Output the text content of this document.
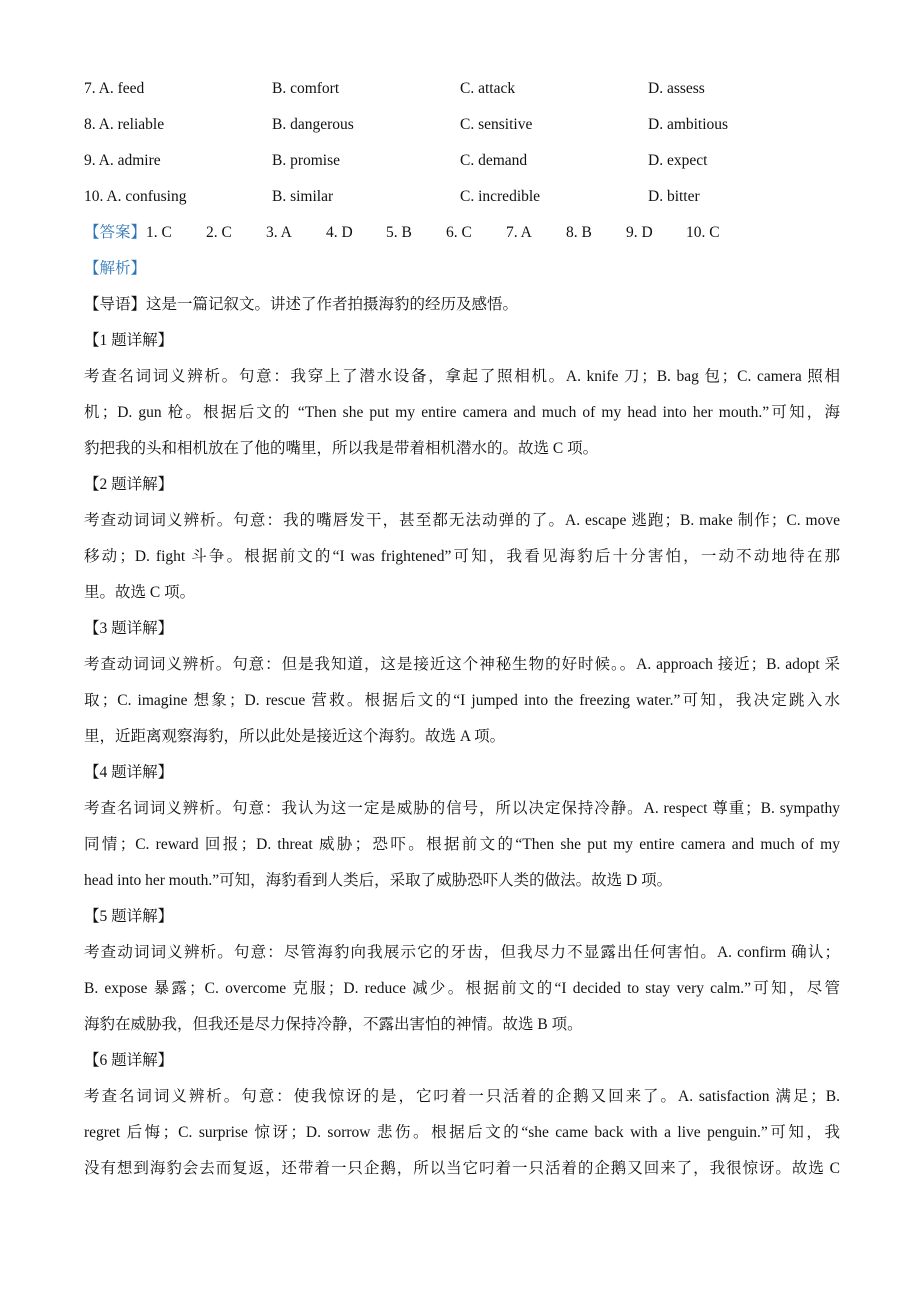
7. A. feed	B. comfort	C. attack	D. assess
8. A. reliable	B. dangerous	C. sensitive	D. ambitious
9. A. admire	B. promise	C. demand	D. expect
10. A. confusing	B. similar	C. incredible	D. bitter
【答案】1. C 2. C 3. A 4. D 5. B 6. C 7. A 8. B 9. D 10. C
【解析】
【导语】这是一篇记叙文。讲述了作者拍摄海豹的经历及感悟。
【1 题详解】
考查名词词义辨析。句意：我穿上了潜水设备，拿起了照相机。A. knife 刀；B. bag 包；C. camera 照相
机；D. gun 枪。根据后文的 “Then she put my entire camera and much of my head into her mouth.”可知，海
豹把我的头和相机放在了他的嘴里，所以我是带着相机潜水的。故选 C 项。
【2 题详解】
考查动词词义辨析。句意：我的嘴唇发干，甚至都无法动弹的了。A. escape 逃跑；B. make 制作；C. move
移动；D. fight 斗争。根据前文的“I was frightened”可知，我看见海豹后十分害怕，一动不动地待在那
里。故选 C 项。
【3 题详解】
考查动词词义辨析。句意：但是我知道，这是接近这个神秘生物的好时候。。A. approach 接近；B. adopt 采
取；C. imagine 想象；D. rescue 营救。根据后文的“I jumped into the freezing water.”可知，我决定跳入水
里，近距离观察海豹，所以此处是接近这个海豹。故选 A 项。
【4 题详解】
考查名词词义辨析。句意：我认为这一定是威胁的信号，所以决定保持冷静。A. respect 尊重；B. sympathy
同情；C. reward 回报；D. threat 威胁；恐吓。根据前文的“Then she put my entire camera and much of my
head into her mouth.”可知，海豹看到人类后，采取了威胁恐吓人类的做法。故选 D 项。
【5 题详解】
考查动词词义辨析。句意：尽管海豹向我展示它的牙齿，但我尽力不显露出任何害怕。A. confirm 确认；
B. expose 暴露；C. overcome 克服；D. reduce 减少。根据前文的“I decided to stay very calm.”可知，尽管
海豹在威胁我，但我还是尽力保持冷静，不露出害怕的神情。故选 B 项。
【6 题详解】
考查名词词义辨析。句意：使我惊讶的是，它叼着一只活着的企鹅又回来了。A. satisfaction 满足；B.
regret 后悔；C. surprise 惊讶；D. sorrow 悲伤。根据后文的“she came back with a live penguin.”可知，我
没有想到海豹会去而复返，还带着一只企鹅，所以当它叼着一只活着的企鹅又回来了，我很惊讶。故选 C
